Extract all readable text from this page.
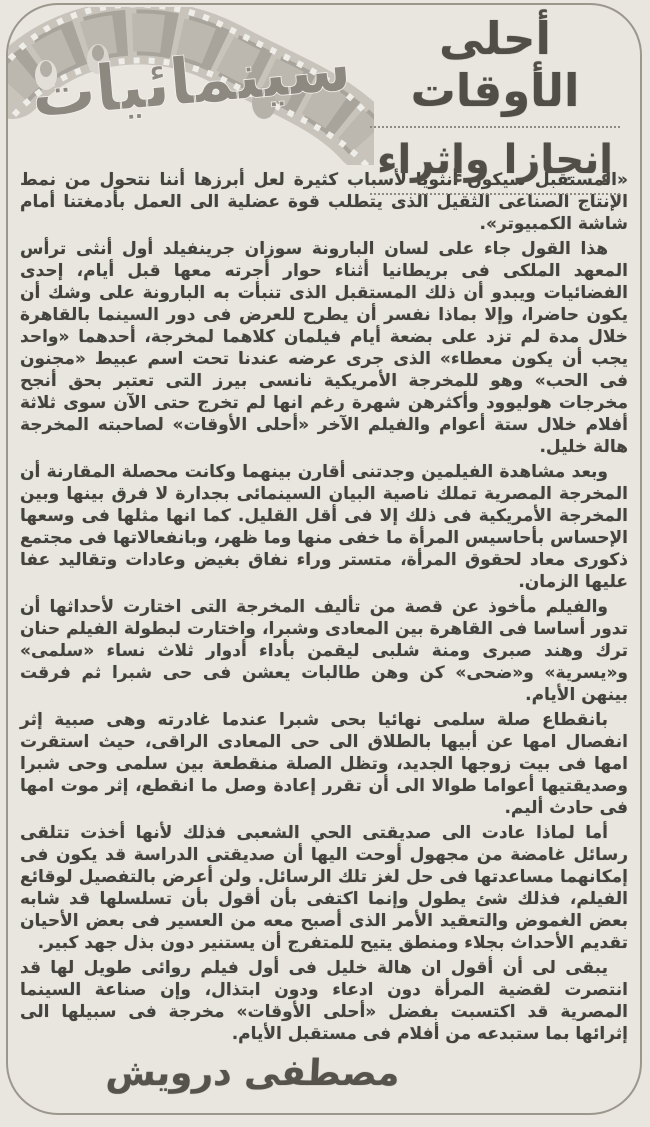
سينمائيات	أحلى الأوقات
إنجازا وإثراء

«المستقبل سيكون أنثويا لأسباب كثيرة لعل أبرزها أننا نتحول من نمط الإنتاج الصناعى الثقيل الذى يتطلب قوة عضلية الى العمل بأدمغتنا أمام شاشة الكمبيوتر».

هذا القول جاء على لسان البارونة سوزان جرينفيلد أول أنثى ترأس المعهد الملكى فى بريطانيا أثناء حوار أجرته معها قبل أيام، إحدى الفضائيات ويبدو أن ذلك المستقبل الذى تنبأت به البارونة على وشك أن يكون حاضرا، وإلا بماذا نفسر أن يطرح للعرض فى دور السينما بالقاهرة خلال مدة لم تزد على بضعة أيام فيلمان كلاهما لمخرجة، أحدهما «واحد يجب أن يكون معطاء» الذى جرى عرضه عندنا تحت اسم عبيط «مجنون فى الحب» وهو للمخرجة الأمريكية نانسى بيرز التى تعتبر بحق أنجح مخرجات هوليوود وأكثرهن شهرة رغم انها لم تخرج حتى الآن سوى ثلاثة أفلام خلال ستة أعوام والفيلم الآخر «أحلى الأوقات» لصاحبته المخرجة هالة خليل.

وبعد مشاهدة الفيلمين وجدتنى أقارن بينهما وكانت محصلة المقارنة أن المخرجة المصرية تملك ناصية البيان السينمائى بجدارة لا فرق بينها وبين المخرجة الأمريكية فى ذلك إلا فى أقل القليل. كما انها مثلها فى وسعها الإحساس بأحاسيس المرأة ما خفى منها وما ظهر، وبانفعالاتها فى مجتمع ذكورى معاد لحقوق المرأة، متستر وراء نفاق بغيض وعادات وتقاليد عفا عليها الزمان.

والفيلم مأخوذ عن قصة من تأليف المخرجة التى اختارت لأحداثها أن تدور أساسا فى القاهرة بين المعادى وشبرا، واختارت لبطولة الفيلم حنان ترك وهند صبرى ومنة شلبى ليقمن بأداء أدوار ثلاث نساء «سلمى» و«يسرية» و«ضحى» كن وهن طالبات يعشن فى حى شبرا ثم فرقت بينهن الأيام.

بانقطاع صلة سلمى نهائيا بحى شبرا عندما غادرته وهى صبية إثر انفصال امها عن أبيها بالطلاق الى حى المعادى الراقى، حيث استقرت امها فى بيت زوجها الجديد، وتظل الصلة منقطعة بين سلمى وحى شبرا وصديقتيها أعواما طوالا الى أن تقرر إعادة وصل ما انقطع، إثر موت امها فى حادث أليم.

أما لماذا عادت الى صديقتى الحي الشعبى فذلك لأنها أخذت تتلقى رسائل غامضة من مجهول أوحت اليها أن صديقتى الدراسة قد يكون فى إمكانهما مساعدتها فى حل لغز تلك الرسائل. ولن أعرض بالتفصيل لوقائع الفيلم، فذلك شئ يطول وإنما اكتفى بأن أقول بأن تسلسلها قد شابه بعض الغموض والتعقيد الأمر الذى أصبح معه من العسير فى بعض الأحيان تقديم الأحداث بجلاء ومنطق يتيح للمتفرج أن يستنير دون بذل جهد كبير.

يبقى لى أن أقول ان هالة خليل فى أول فيلم روائى طويل لها قد انتصرت لقضية المرأة دون ادعاء ودون ابتذال، وإن صناعة السينما المصرية قد اكتسبت بفضل «أحلى الأوقات» مخرجة فى سبيلها الى إثرائها بما ستبدعه من أفلام فى مستقبل الأيام.

مصطفى درويش
